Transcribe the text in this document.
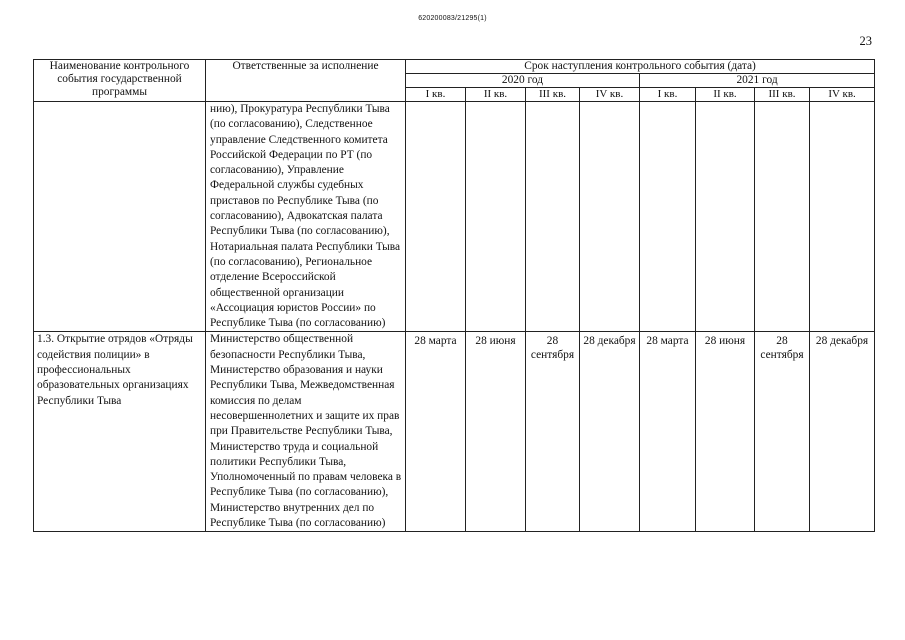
620200083/21295(1)
23
Наименование контрольного события государственной программы	Ответственные за исполнение	Срок наступления контрольного события (дата)							
		2020 год				2021 год			
		I кв.	II кв.	III кв.	IV кв.	I кв.	II кв.	III кв.	IV кв.
	нию), Прокуратура Республики Тыва (по согласованию), Следственное управление Следственного комитета Российской Федерации по РТ (по согласованию), Управление Федеральной службы судебных приставов по Республике Тыва (по согласованию), Адвокатская палата Республики Тыва (по согласованию), Нотариальная палата Республики Тыва (по согласованию), Региональное отделение Всероссийской общественной организации «Ассоциация юристов России» по Республике Тыва (по согласованию)								
1.3. Открытие отрядов «Отряды содействия полиции» в профессиональных образовательных организациях Республики Тыва	Министерство общественной безопасности Республики Тыва, Министерство образования и науки Республики Тыва, Межведомственная комиссия по делам несовершеннолетних и защите их прав при Правительстве Республики Тыва, Министерство труда и социальной политики Республики Тыва, Уполномоченный по правам человека в Республике Тыва (по согласованию), Министерство внутренних дел по Республике Тыва (по согласованию)	28 марта	28 июня	28 сентября	28 декабря	28 марта	28 июня	28 сентября	28 декабря
